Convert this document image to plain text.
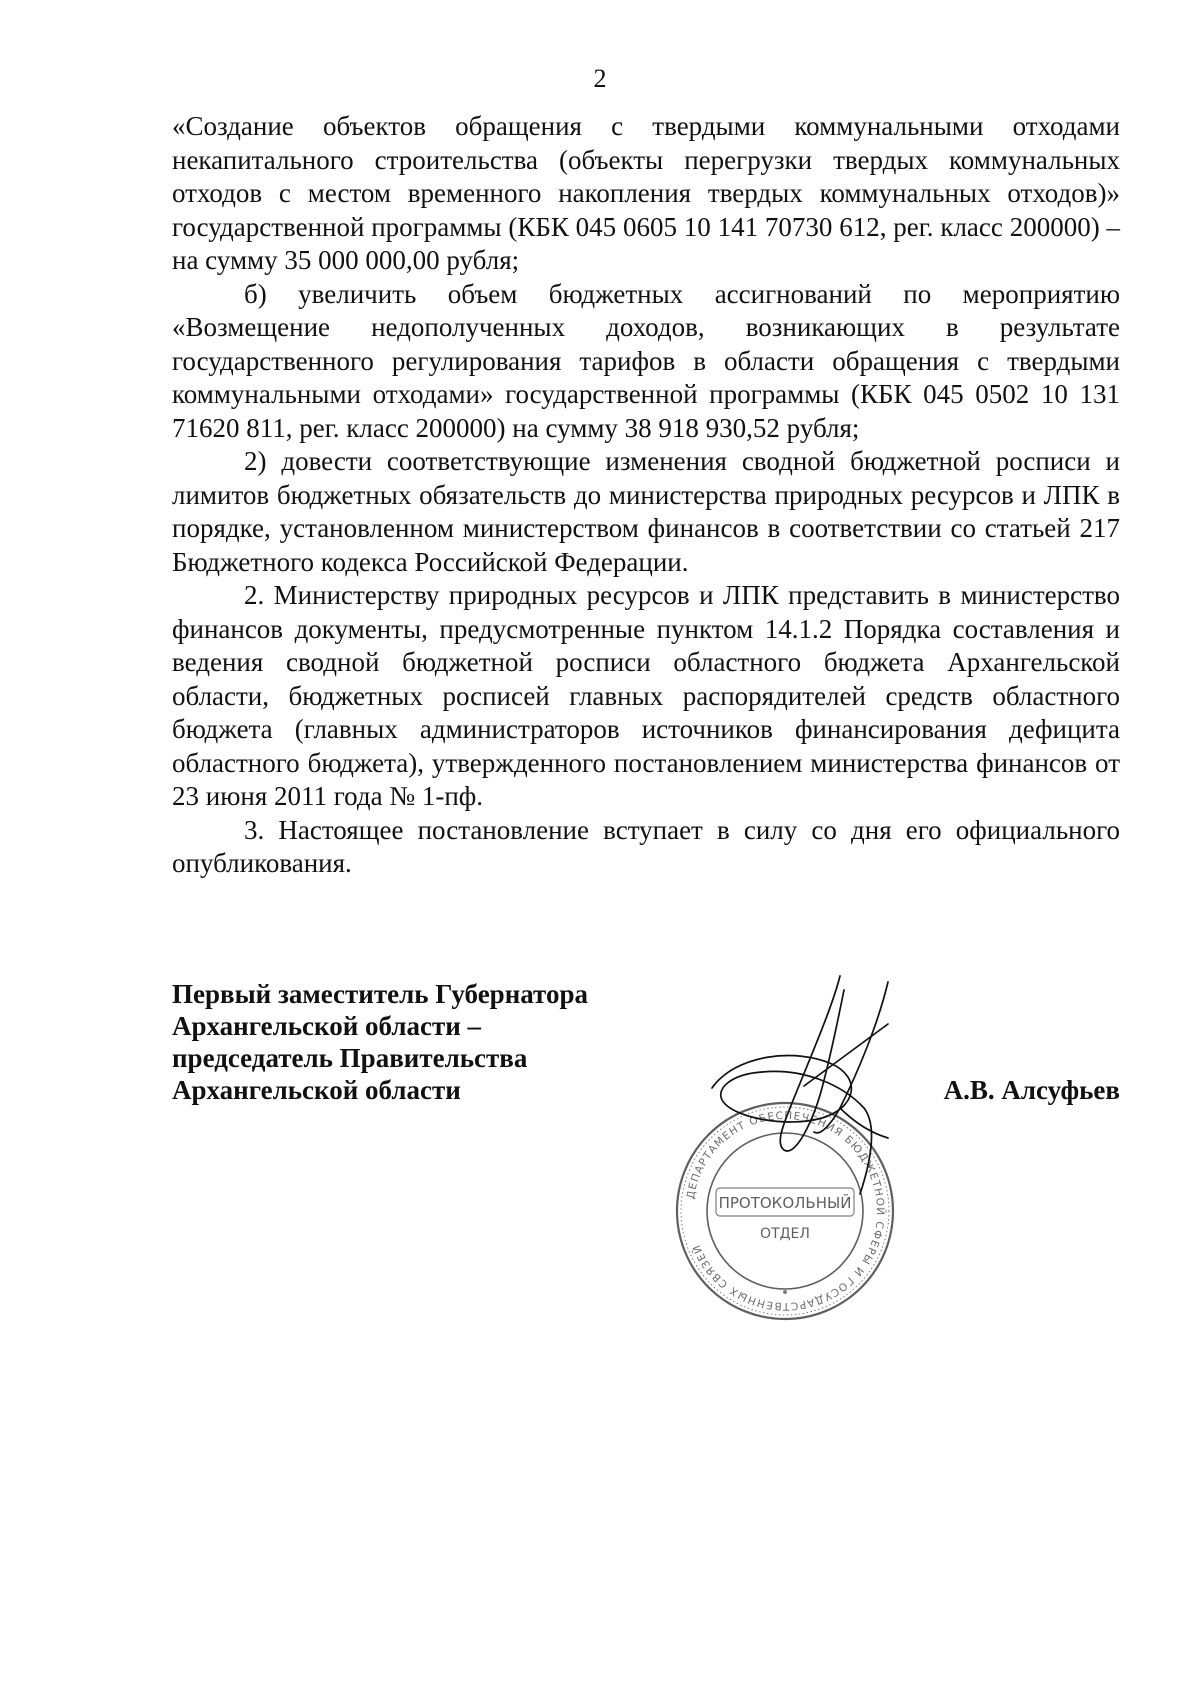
2

«Создание объектов обращения с твердыми коммунальными отходами некапитального строительства (объекты перегрузки твердых коммунальных отходов с местом временного накопления твердых коммунальных отходов)» государственной программы (КБК 045 0605 10 141 70730 612, рег. класс 200000) – на сумму 35 000 000,00 рубля;

б) увеличить объем бюджетных ассигнований по мероприятию «Возмещение недополученных доходов, возникающих в результате государственного регулирования тарифов в области обращения с твердыми коммунальными отходами» государственной программы (КБК 045 0502 10 131 71620 811, рег. класс 200000) на сумму 38 918 930,52 рубля;

2) довести соответствующие изменения сводной бюджетной росписи и лимитов бюджетных обязательств до министерства природных ресурсов и ЛПК в порядке, установленном министерством финансов в соответствии со статьей 217 Бюджетного кодекса Российской Федерации.

2. Министерству природных ресурсов и ЛПК представить в министерство финансов документы, предусмотренные пунктом 14.1.2 Порядка составления и ведения сводной бюджетной росписи областного бюджета Архангельской области, бюджетных росписей главных распорядителей средств областного бюджета (главных администраторов источников финансирования дефицита областного бюджета), утвержденного постановлением министерства финансов от 23 июня 2011 года № 1-пф.

3. Настоящее постановление вступает в силу со дня его официального опубликования.

Первый заместитель Губернатора
Архангельской области –
председатель Правительства
Архангельской области
ДЕПАРТАМЕНТ ОБЕСПЕЧЕНИЯ БЮДЖЕТНОЙ СФЕРЫ И ГОСУДАРСТВЕННЫХ СВЯЗЕЙ
ПРОТОКОЛЬНЫЙ
ОТДЕЛ
А.В. Алсуфьев
